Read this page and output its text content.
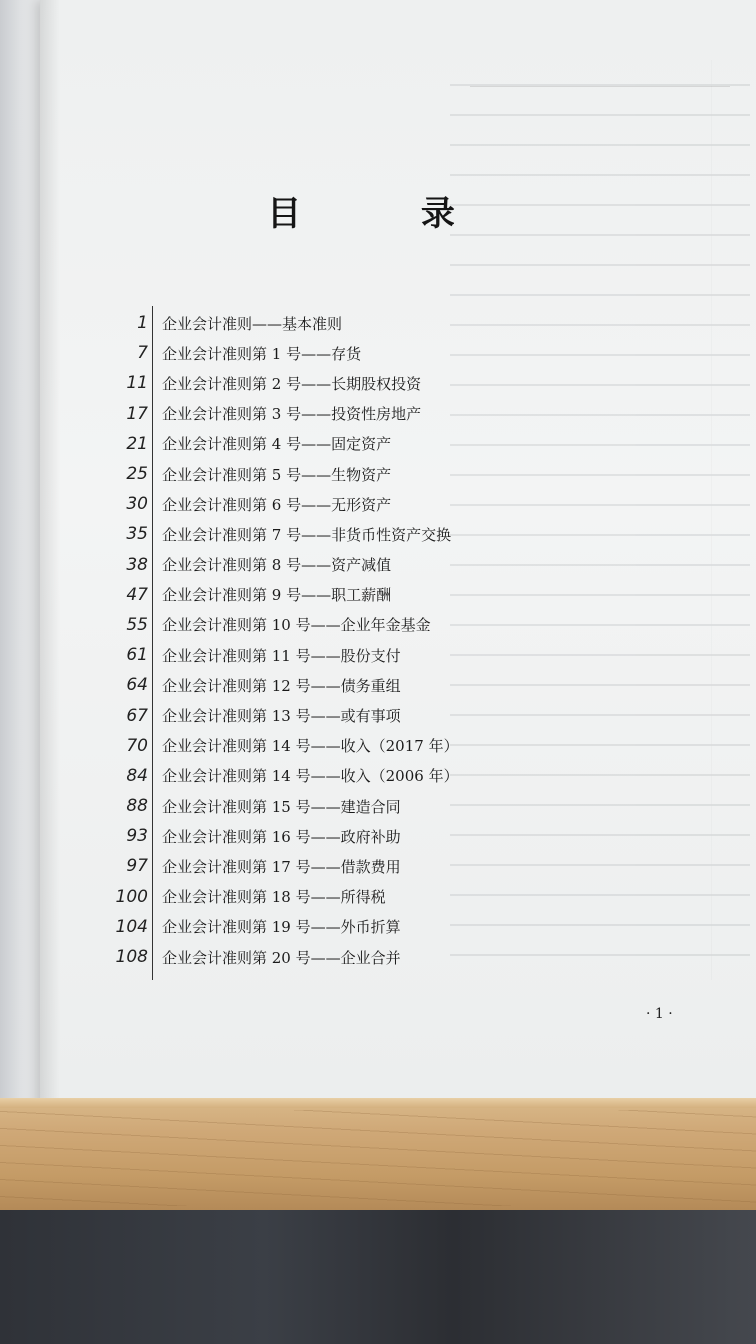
目 录
1 企业会计准则——基本准则
7 企业会计准则第 1 号——存货
11 企业会计准则第 2 号——长期股权投资
17 企业会计准则第 3 号——投资性房地产
21 企业会计准则第 4 号——固定资产
25 企业会计准则第 5 号——生物资产
30 企业会计准则第 6 号——无形资产
35 企业会计准则第 7 号——非货币性资产交换
38 企业会计准则第 8 号——资产减值
47 企业会计准则第 9 号——职工薪酬
55 企业会计准则第 10 号——企业年金基金
61 企业会计准则第 11 号——股份支付
64 企业会计准则第 12 号——债务重组
67 企业会计准则第 13 号——或有事项
70 企业会计准则第 14 号——收入（2017 年）
84 企业会计准则第 14 号——收入（2006 年）
88 企业会计准则第 15 号——建造合同
93 企业会计准则第 16 号——政府补助
97 企业会计准则第 17 号——借款费用
100 企业会计准则第 18 号——所得税
104 企业会计准则第 19 号——外币折算
108 企业会计准则第 20 号——企业合并
· 1 ·
